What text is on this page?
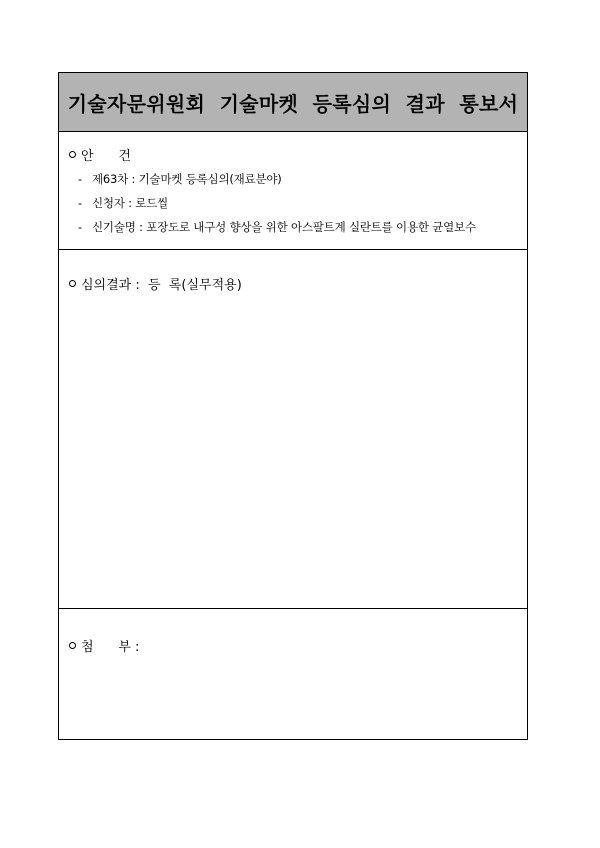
기술자문위원회  기술마켓  등록심의  결과  통보서
안      건
- 제63차 : 기술마켓 등록심의(재료분야)
- 신청자 : 로드씰
- 신기술명 : 포장도로 내구성 향상을 위한 아스팔트계 실란트를 이용한 균열보수
심의결과 :  등  록(실무적용)
첨      부 :
